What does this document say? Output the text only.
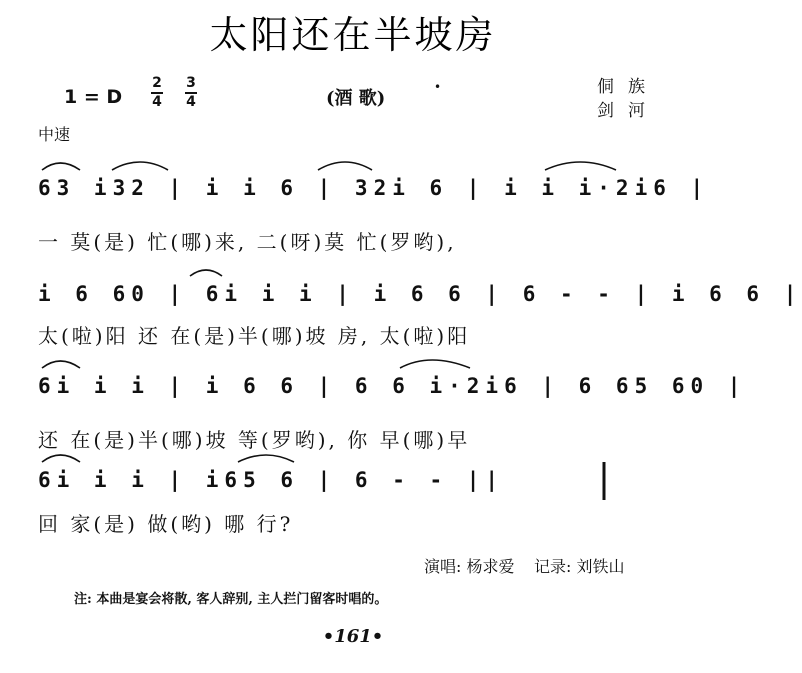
太阳还在半坡房
1 = D
2
4
3
4	(酒 歌)
•	侗族
剑河
中速
63 i32 | i i 6 | 32i 6 | i i i·2i6 |
一 莫(是) 忙(哪)来, 二(呀)莫 忙(罗哟),
i 6 60 | 6i i i | i 6 6 | 6 - - | i 6 6 |
太(啦)阳 还 在(是)半(哪)坡 房, 太(啦)阳
6i i i | i 6 6 | 6 6 i·2i6 | 6 65 60 |
还 在(是)半(哪)坡 等(罗哟), 你 早(哪)早
6i i i | i65 6 | 6 - - ||
回 家(是) 做(哟) 哪 行?
演唱: 杨求爱 记录: 刘铁山
注: 本曲是宴会将散, 客人辞别, 主人拦门留客时唱的。
•161•
